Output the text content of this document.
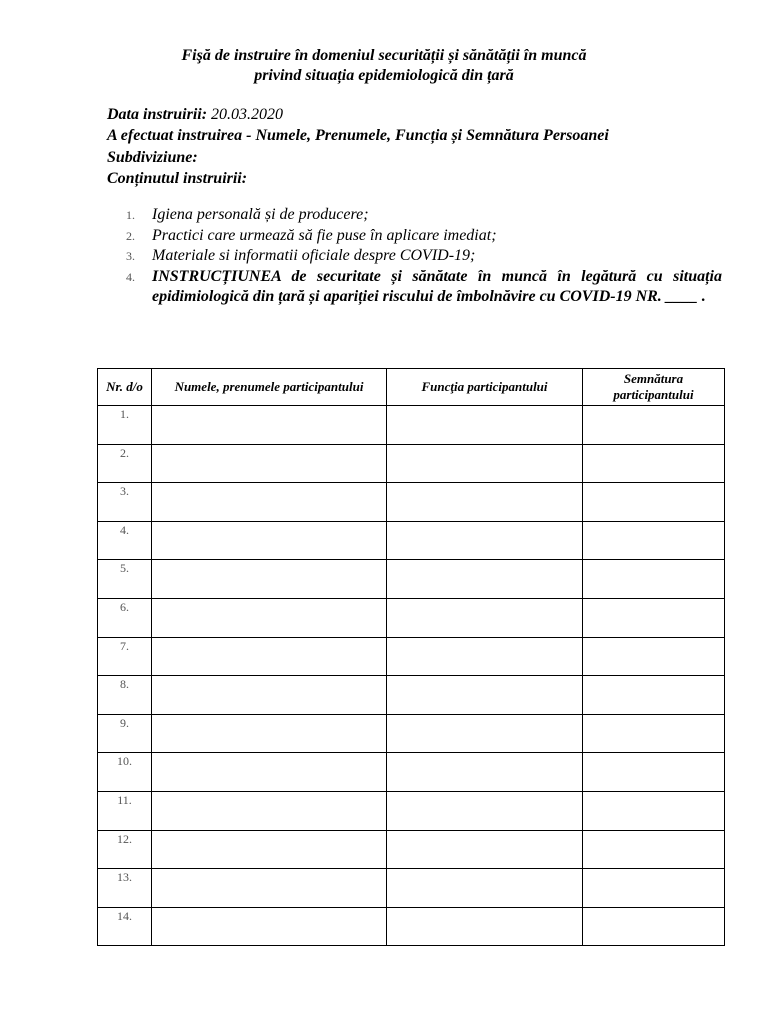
Fişă de instruire în domeniul securității și sănătății în muncă
privind situația epidemiologică din țară
Data instruirii: 20.03.2020
A efectuat instruirea - Numele, Prenumele, Funcția și Semnătura Persoanei
Subdiviziune:
Conținutul instruirii:
1. Igiena personală și de producere;
2. Practici care urmează să fie puse în aplicare imediat;
3. Materiale si informatii oficiale despre COVID-19;
4. INSTRUCȚIUNEA de securitate și sănătate în muncă în legătură cu situația epidimiologică din țară și apariției riscului de îmbolnăvire cu COVID-19 NR. ____ .
Nr. d/o	Numele, prenumele participantului	Funcţia participantului	Semnătura participantului
1.			
2.			
3.			
4.			
5.			
6.			
7.			
8.			
9.			
10.			
11.			
12.			
13.			
14.			
